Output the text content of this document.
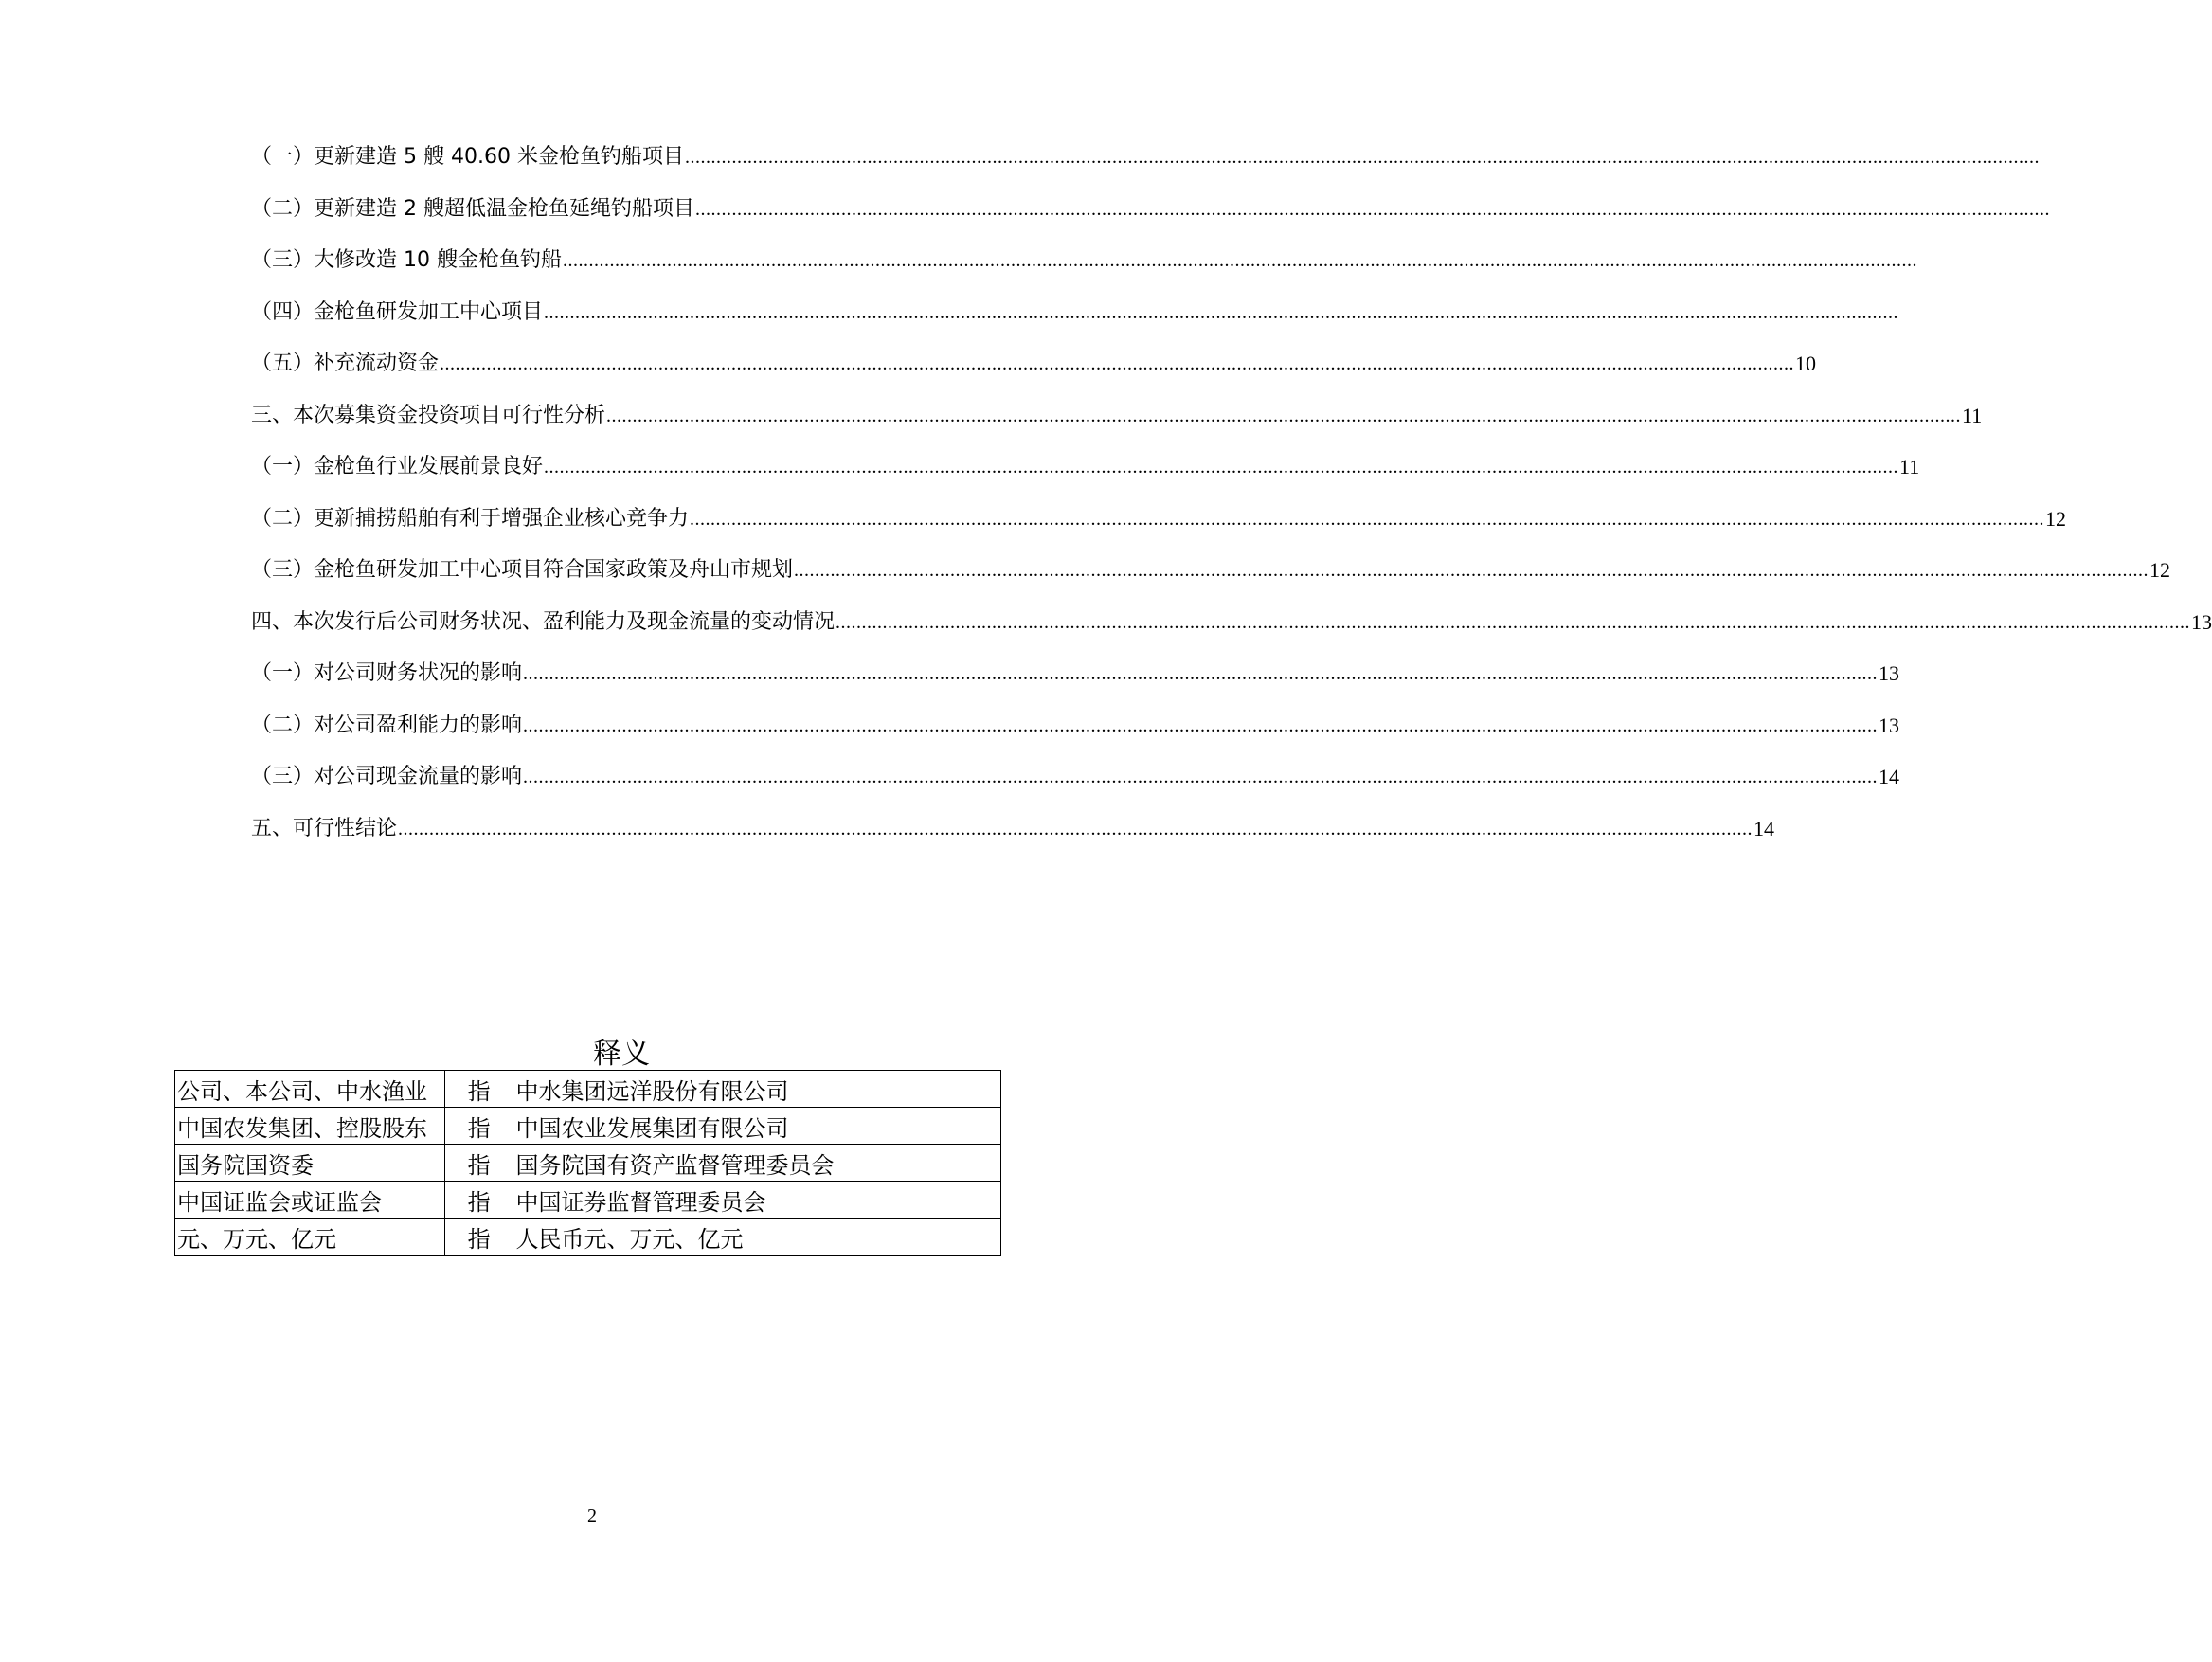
（一）更新建造 5 艘 40.60 米金枪鱼钓船项目 ....................................................................................................................................................................................................................................................................
（二）更新建造 2 艘超低温金枪鱼延绳钓船项目 ....................................................................................................................................................................................................................................................................
（三）大修改造 10 艘金枪鱼钓船 ....................................................................................................................................................................................................................................................................
（四）金枪鱼研发加工中心项目 ....................................................................................................................................................................................................................................................................
（五）补充流动资金 .................................................................................................................................................................................................................................................................... 10
三、本次募集资金投资项目可行性分析 .................................................................................................................................................................................................................................................................... 11
（一）金枪鱼行业发展前景良好 .................................................................................................................................................................................................................................................................... 11
（二）更新捕捞船舶有利于增强企业核心竞争力 .................................................................................................................................................................................................................................................................... 12
（三）金枪鱼研发加工中心项目符合国家政策及舟山市规划 .................................................................................................................................................................................................................................................................... 12
四、本次发行后公司财务状况、盈利能力及现金流量的变动情况 .................................................................................................................................................................................................................................................................... 13
（一）对公司财务状况的影响 .................................................................................................................................................................................................................................................................... 13
（二）对公司盈利能力的影响 .................................................................................................................................................................................................................................................................... 13
（三）对公司现金流量的影响 .................................................................................................................................................................................................................................................................... 14
五、可行性结论 .................................................................................................................................................................................................................................................................... 14
释义
公司、本公司、中水渔业	指	中水集团远洋股份有限公司
中国农发集团、控股股东	指	中国农业发展集团有限公司
国务院国资委	指	国务院国有资产监督管理委员会
中国证监会或证监会	指	中国证券监督管理委员会
元、万元、亿元	指	人民币元、万元、亿元
2
